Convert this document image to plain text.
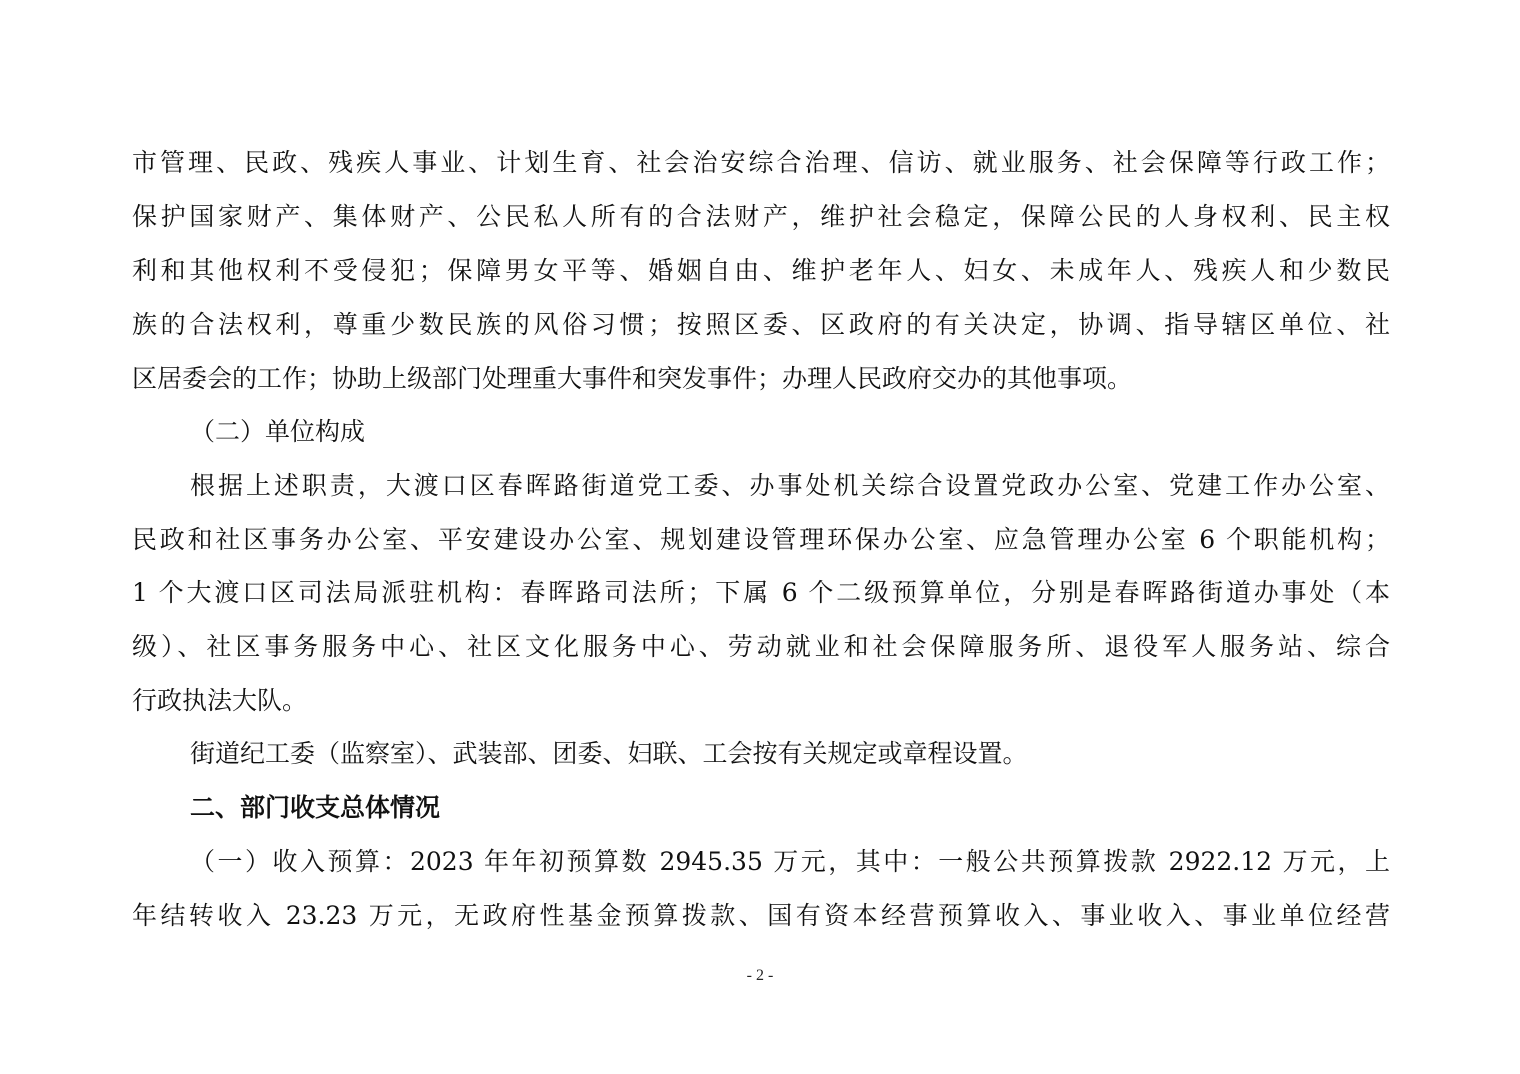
市管理、民政、残疾人事业、计划生育、社会治安综合治理、信访、就业服务、社会保障等行政工作；
保护国家财产、集体财产、公民私人所有的合法财产，维护社会稳定，保障公民的人身权利、民主权
利和其他权利不受侵犯；保障男女平等、婚姻自由、维护老年人、妇女、未成年人、残疾人和少数民
族的合法权利，尊重少数民族的风俗习惯；按照区委、区政府的有关决定，协调、指导辖区单位、社
区居委会的工作；协助上级部门处理重大事件和突发事件；办理人民政府交办的其他事项。
（二）单位构成
根据上述职责，大渡口区春晖路街道党工委、办事处机关综合设置党政办公室、党建工作办公室、
民政和社区事务办公室、平安建设办公室、规划建设管理环保办公室、应急管理办公室 6 个职能机构；
1 个大渡口区司法局派驻机构：春晖路司法所；下属 6 个二级预算单位，分别是春晖路街道办事处（本
级）、社区事务服务中心、社区文化服务中心、劳动就业和社会保障服务所、退役军人服务站、综合
行政执法大队。
街道纪工委（监察室）、武装部、团委、妇联、工会按有关规定或章程设置。
二、部门收支总体情况
（一）收入预算：2023 年年初预算数 2945.35 万元，其中：一般公共预算拨款 2922.12 万元，上
年结转收入 23.23 万元，无政府性基金预算拨款、国有资本经营预算收入、事业收入、事业单位经营
- 2 -
